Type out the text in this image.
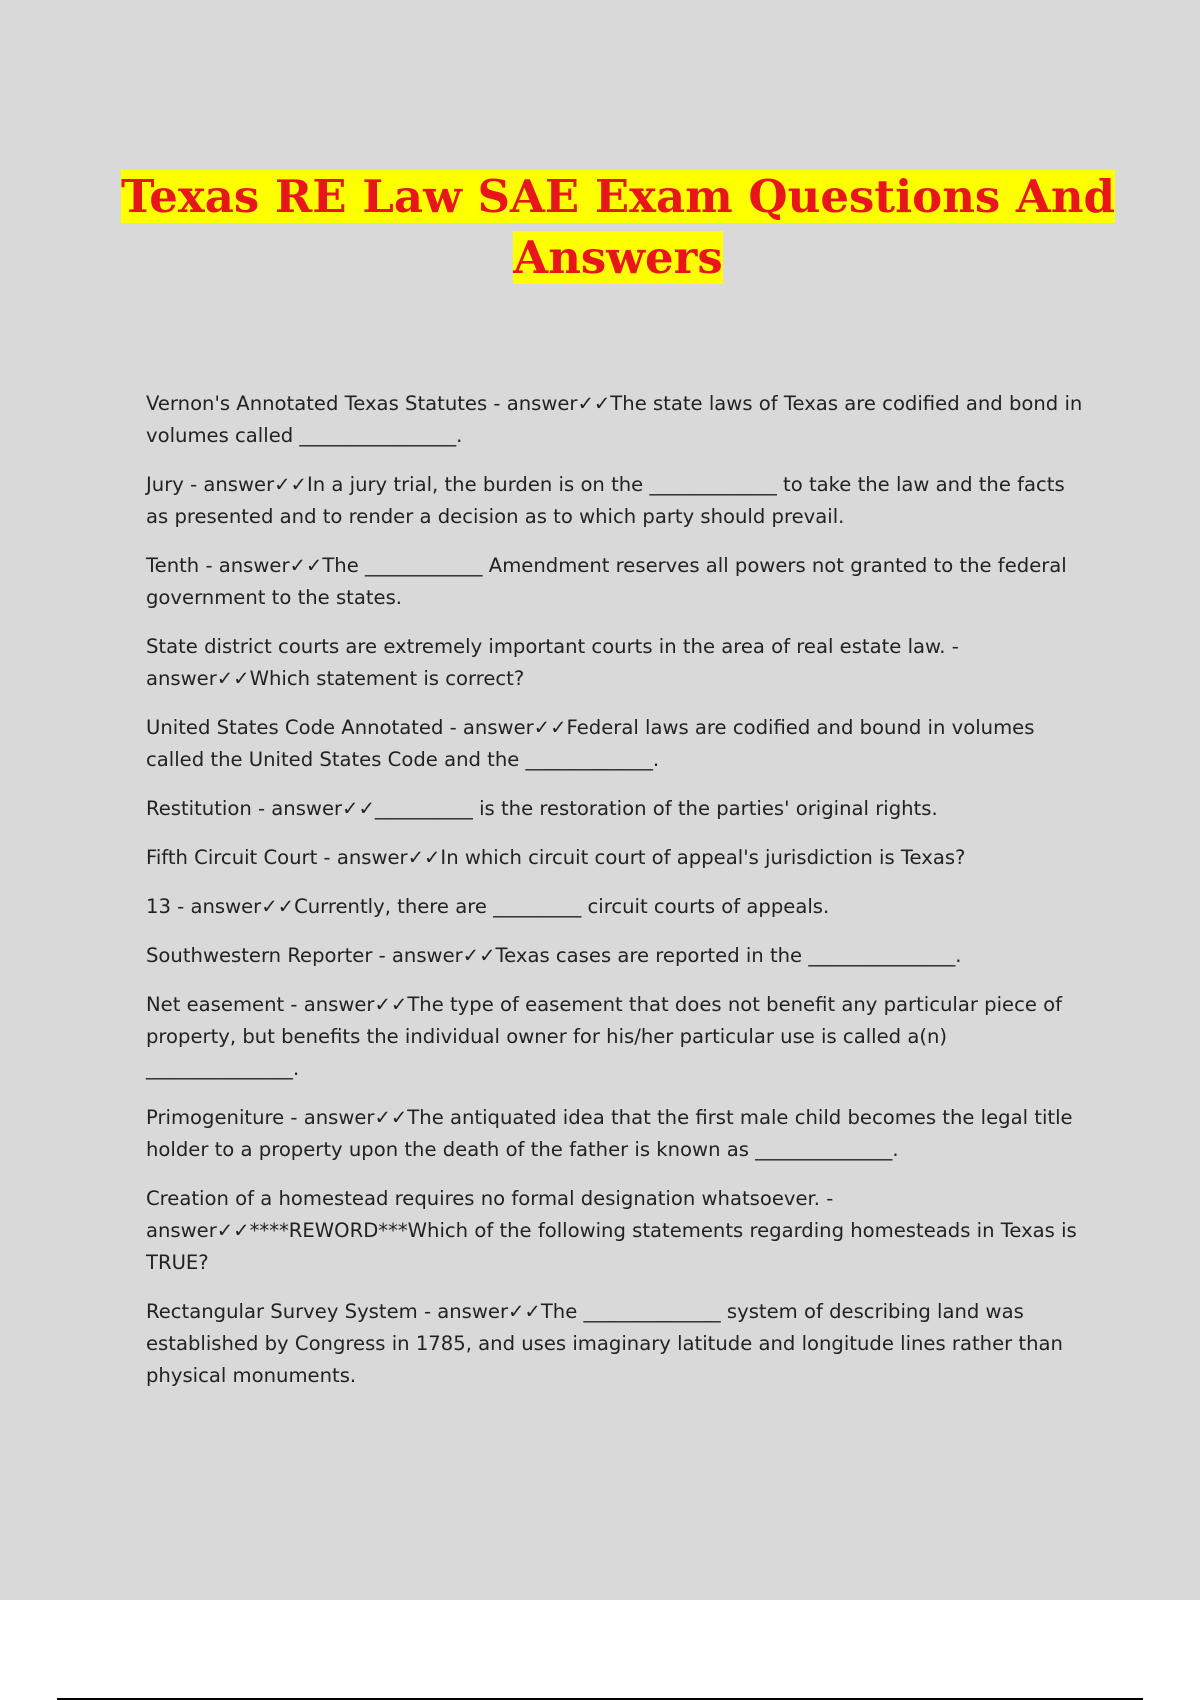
Texas RE Law SAE Exam Questions And
Answers

Vernon's Annotated Texas Statutes - answer✓✓The state laws of Texas are codified and bond in volumes called ________________.

Jury - answer✓✓In a jury trial, the burden is on the _____________ to take the law and the facts as presented and to render a decision as to which party should prevail.

Tenth - answer✓✓The ____________ Amendment reserves all powers not granted to the federal government to the states.

State district courts are extremely important courts in the area of real estate law. - answer✓✓Which statement is correct?

United States Code Annotated - answer✓✓Federal laws are codified and bound in volumes called the United States Code and the _____________.

Restitution - answer✓✓__________ is the restoration of the parties' original rights.

Fifth Circuit Court - answer✓✓In which circuit court of appeal's jurisdiction is Texas?

13 - answer✓✓Currently, there are _________ circuit courts of appeals.

Southwestern Reporter - answer✓✓Texas cases are reported in the _______________.

Net easement - answer✓✓The type of easement that does not benefit any particular piece of property, but benefits the individual owner for his/her particular use is called a(n) _______________.

Primogeniture - answer✓✓The antiquated idea that the first male child becomes the legal title holder to a property upon the death of the father is known as ______________.

Creation of a homestead requires no formal designation whatsoever. - answer✓✓****REWORD***Which of the following statements regarding homesteads in Texas is TRUE?

Rectangular Survey System - answer✓✓The ______________ system of describing land was established by Congress in 1785, and uses imaginary latitude and longitude lines rather than physical monuments.
